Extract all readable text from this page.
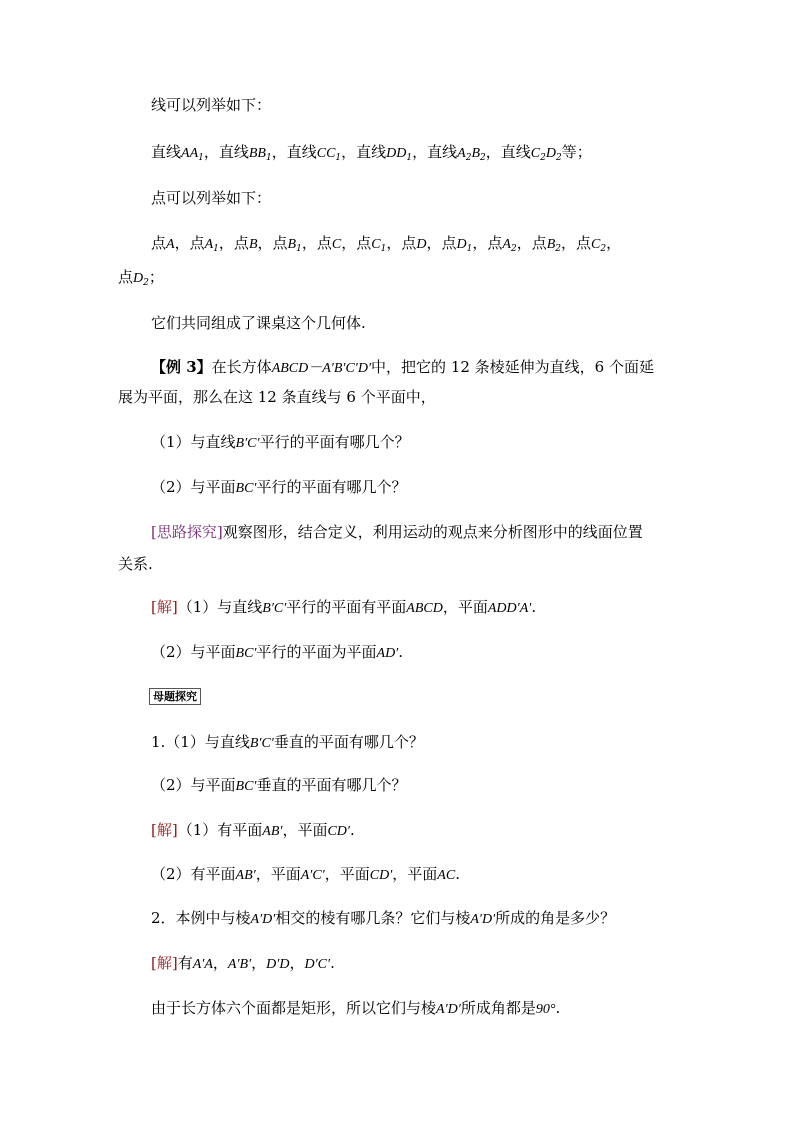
线可以列举如下：
直线$AA_1$，直线$BB_1$，直线$CC_1$，直线$DD_1$，直线$A_2B_2$，直线$C_2D_2$等；
点可以列举如下：
点A，点$A_1$，点B，点$B_1$，点C，点$C_1$，点D，点$D_1$，点$A_2$，点$B_2$，点$C_2$，
点$D_2$；
它们共同组成了课桌这个几何体.
【例 3】在长方体ABCD－A′B′C′D′中，把它的 12 条棱延伸为直线，6 个面延
展为平面，那么在这 12 条直线与 6 个平面中，
（1）与直线B′C′平行的平面有哪几个？
（2）与平面BC′平行的平面有哪几个？
[思路探究]观察图形，结合定义，利用运动的观点来分析图形中的线面位置
关系.
[解]（1）与直线B′C′平行的平面有平面ABCD，平面ADD′A′.
（2）与平面BC′平行的平面为平面AD′.
母题探究
1.（1）与直线B′C′垂直的平面有哪几个？
（2）与平面BC′垂直的平面有哪几个？
[解]（1）有平面AB′，平面CD′.
（2）有平面AB′，平面A′C′，平面CD′，平面AC.
2．本例中与棱A′D′相交的棱有哪几条？它们与棱A′D′所成的角是多少？
[解]有A′A，A′B′，D′D，D′C′.
由于长方体六个面都是矩形，所以它们与棱A′D′所成角都是90°.
